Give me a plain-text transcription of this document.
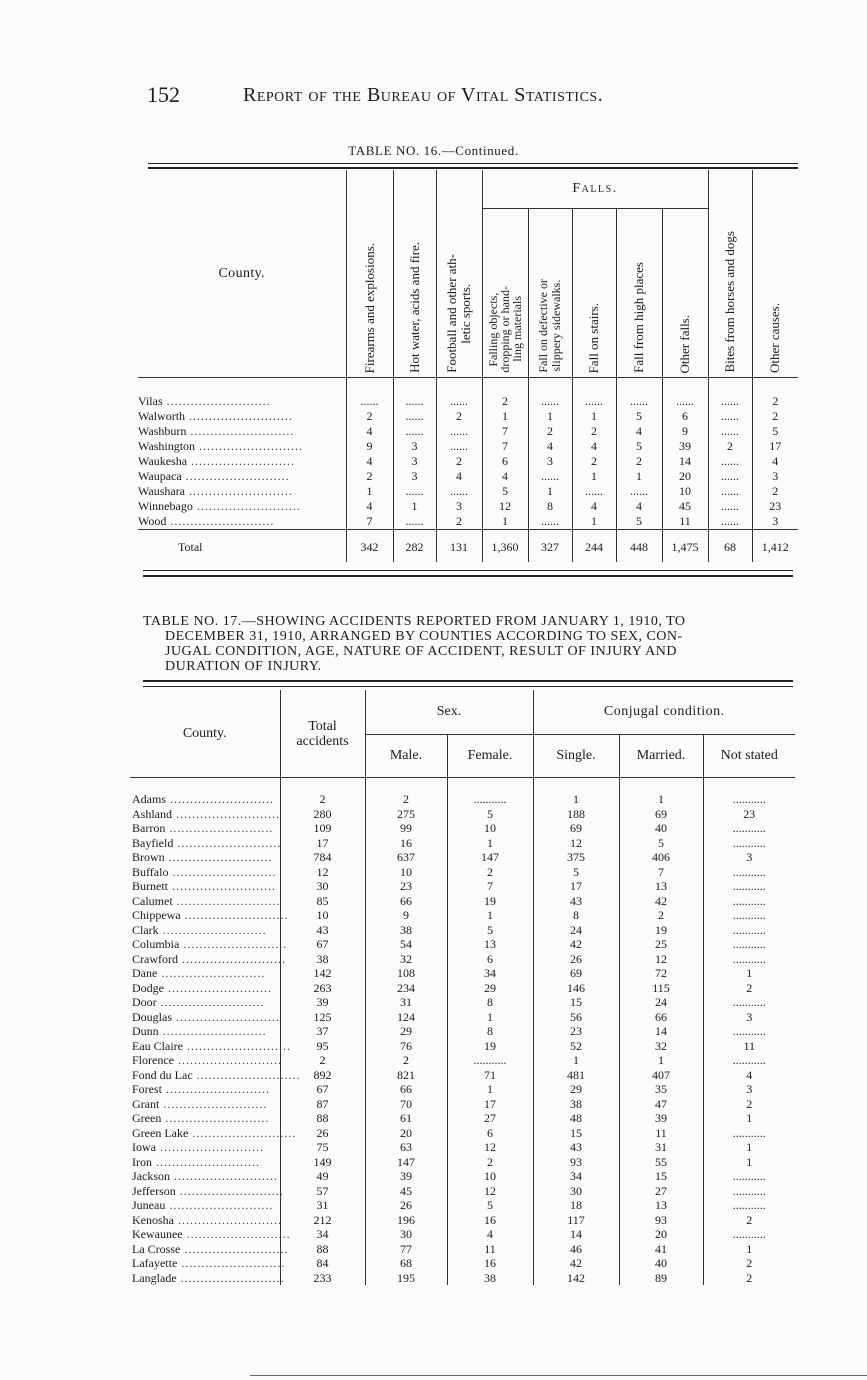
152	Report of the Bureau of Vital Statistics.
TABLE NO. 16.—Continued.
County.	Firearms and explosions.	Hot water, acids and fire.	Football and other ath-
letic sports.	Falls.					Bites from horses and dogs	Other causes.

				Falling objects,
dropping or hand-
ling materials	Fall on defective or
slippery sidewalks.	Fall on stairs.	Fall from high places	Other falls.		

Vilas ..........................	......	......	......	2	......	......	......	......	......	2
Walworth ..........................	2	......	2	1	1	1	5	6	......	2
Washburn ..........................	4	......	......	7	2	2	4	9	......	5
Washington ..........................	9	3	......	7	4	4	5	39	2	17
Waukesha ..........................	4	3	2	6	3	2	2	14	......	4
Waupaca ..........................	2	3	4	4	......	1	1	20	......	3
Waushara ..........................	1	......	......	5	1	......	......	10	......	2
Winnebago ..........................	4	1	3	12	8	4	4	45	......	23
Wood ..........................	7	......	2	1	......	1	5	11	......	3
Total	342	282	131	1,360	327	244	448	1,475	68	1,412
TABLE NO. 17.—SHOWING ACCIDENTS REPORTED FROM JANUARY 1, 1910, TO
DECEMBER 31, 1910, ARRANGED BY COUNTIES ACCORDING TO SEX, CON-
JUGAL CONDITION, AGE, NATURE OF ACCIDENT, RESULT OF INJURY AND
DURATION OF INJURY.
County.	Total accidents	Sex.		Conjugal condition.		
		Male.	Female.	Single.	Married.	Not stated
Adams ..........................	2	2	...........	1	1	...........
Ashland ..........................	280	275	5	188	69	23
Barron ..........................	109	99	10	69	40	...........
Bayfield ..........................	17	16	1	12	5	...........
Brown ..........................	784	637	147	375	406	3
Buffalo ..........................	12	10	2	5	7	...........
Burnett ..........................	30	23	7	17	13	...........
Calumet ..........................	85	66	19	43	42	...........
Chippewa ..........................	10	9	1	8	2	...........
Clark ..........................	43	38	5	24	19	...........
Columbia ..........................	67	54	13	42	25	...........
Crawford ..........................	38	32	6	26	12	...........
Dane ..........................	142	108	34	69	72	1
Dodge ..........................	263	234	29	146	115	2
Door ..........................	39	31	8	15	24	...........
Douglas ..........................	125	124	1	56	66	3
Dunn ..........................	37	29	8	23	14	...........
Eau Claire ..........................	95	76	19	52	32	11
Florence ..........................	2	2	...........	1	1	...........
Fond du Lac ..........................	892	821	71	481	407	4
Forest ..........................	67	66	1	29	35	3
Grant ..........................	87	70	17	38	47	2
Green ..........................	88	61	27	48	39	1
Green Lake ..........................	26	20	6	15	11	...........
Iowa ..........................	75	63	12	43	31	1
Iron ..........................	149	147	2	93	55	1
Jackson ..........................	49	39	10	34	15	...........
Jefferson ..........................	57	45	12	30	27	...........
Juneau ..........................	31	26	5	18	13	...........
Kenosha ..........................	212	196	16	117	93	2
Kewaunee ..........................	34	30	4	14	20	...........
La Crosse ..........................	88	77	11	46	41	1
Lafayette ..........................	84	68	16	42	40	2
Langlade ..........................	233	195	38	142	89	2
